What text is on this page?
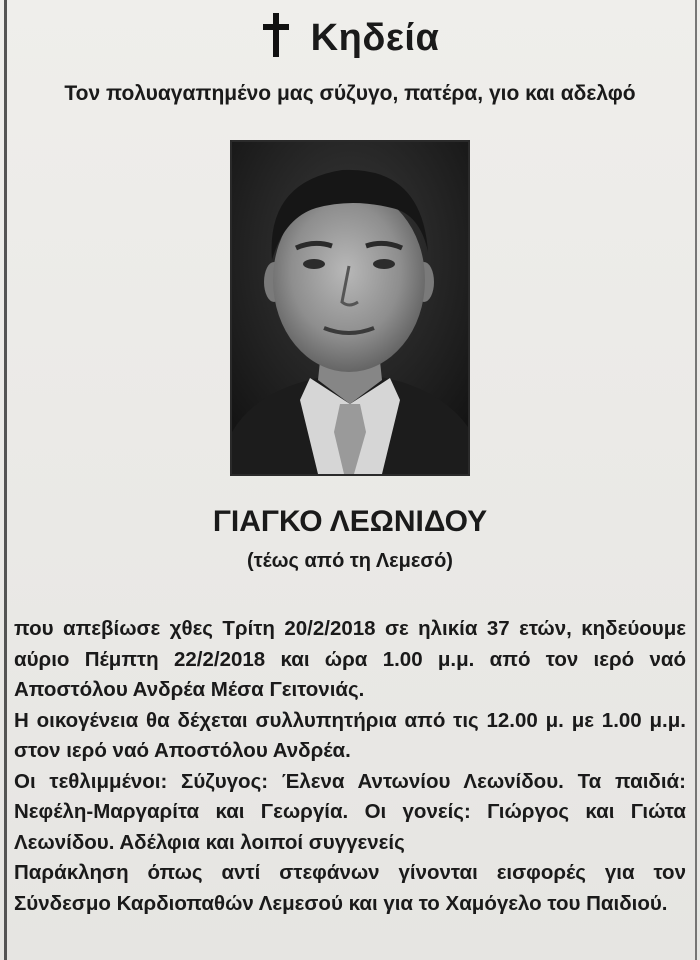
Κηδεία
Τον πολυαγαπημένο μας σύζυγο, πατέρα, γιο και αδελφό
ΓΙΑΓΚΟ ΛΕΩΝΙΔΟΥ
(τέως από τη Λεμεσό)

που απεβίωσε χθες Τρίτη 20/2/2018 σε ηλικία 37 ετών, κηδεύουμε αύριο Πέμπτη 22/2/2018 και ώρα 1.00 μ.μ. από τον ιερό ναό Αποστόλου Ανδρέα Μέσα Γειτονιάς.

Η οικογένεια θα δέχεται συλλυπητήρια από τις 12.00 μ. με 1.00 μ.μ. στον ιερό ναό Αποστόλου Ανδρέα.

Οι τεθλιμμένοι: Σύζυγος: Έλενα Αντωνίου Λεωνίδου. Τα παιδιά: Νεφέλη-Μαργαρίτα και Γεωργία. Οι γονείς: Γιώργος και Γιώτα Λεωνίδου. Αδέλφια και λοιποί συγγενείς

Παράκληση όπως αντί στεφάνων γίνονται εισφορές για τον Σύνδεσμο Καρδιοπαθών Λεμεσού και για το Χαμόγελο του Παιδιού.
